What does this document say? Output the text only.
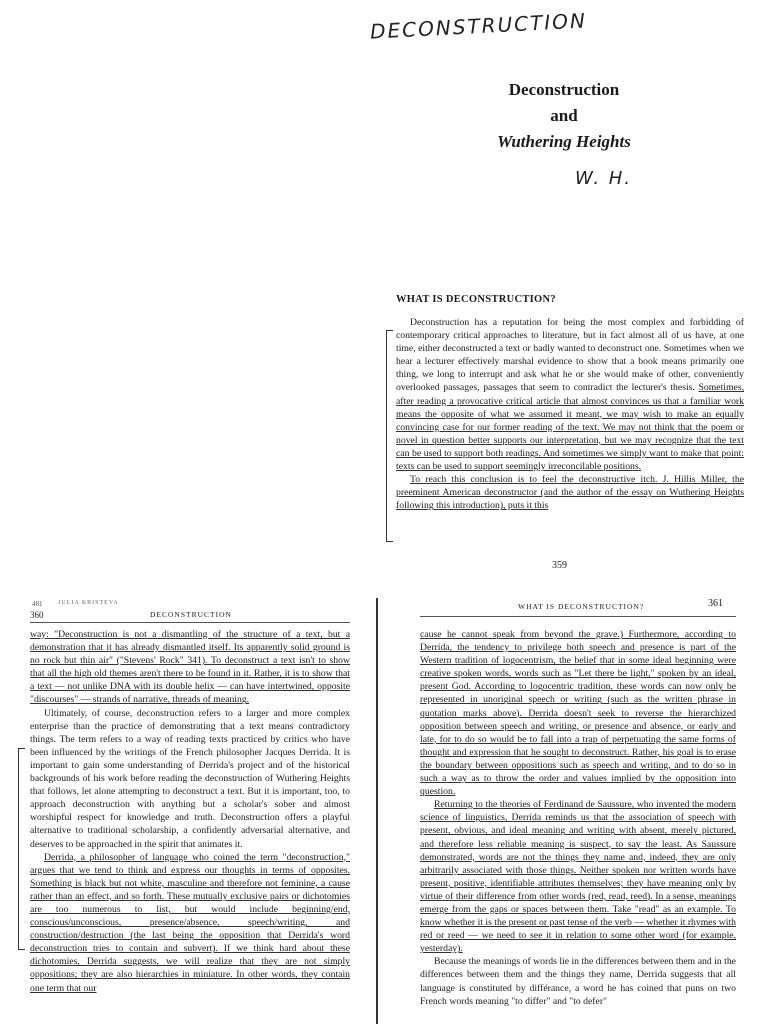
DECONSTRUCTION
Deconstruction
and
Wuthering Heights
W. H.
WHAT IS DECONSTRUCTION?

Deconstruction has a reputation for being the most complex and forbidding of contemporary critical approaches to literature, but in fact almost all of us have, at one time, either deconstructed a text or badly wanted to deconstruct one. Sometimes when we hear a lecturer effectively marshal evidence to show that a book means primarily one thing, we long to interrupt and ask what he or she would make of other, conveniently overlooked passages, passages that seem to contradict the lecturer's thesis. Sometimes, after reading a provocative critical article that almost convinces us that a familiar work means the opposite of what we assumed it meant, we may wish to make an equally convincing case for our former reading of the text. We may not think that the poem or novel in question better supports our interpretation, but we may recognize that the text can be used to support both readings. And sometimes we simply want to make that point: texts can be used to support seemingly irreconcilable positions.

To reach this conclusion is to feel the deconstructive itch. J. Hillis Miller, the preeminent American deconstructor (and the author of the essay on Wuthering Heights following this introduction), puts it this

359
481	JULIA KRISTEVA
360	DECONSTRUCTION

way: "Deconstruction is not a dismantling of the structure of a text, but a demonstration that it has already dismantled itself. Its apparently solid ground is no rock but thin air" ("Stevens' Rock" 341). To deconstruct a text isn't to show that all the high old themes aren't there to be found in it. Rather, it is to show that a text — not unlike DNA with its double helix — can have intertwined, opposite "discourses" — strands of narrative, threads of meaning.

Ultimately, of course, deconstruction refers to a larger and more complex enterprise than the practice of demonstrating that a text means contradictory things. The term refers to a way of reading texts practiced by critics who have been influenced by the writings of the French philosopher Jacques Derrida. It is important to gain some understanding of Derrida's project and of the historical backgrounds of his work before reading the deconstruction of Wuthering Heights that follows, let alone attempting to deconstruct a text. But it is important, too, to approach deconstruction with anything but a scholar's sober and almost worshipful respect for knowledge and truth. Deconstruction offers a playful alternative to traditional scholarship, a confidently adversarial alternative, and deserves to be approached in the spirit that animates it.

Derrida, a philosopher of language who coined the term "deconstruction," argues that we tend to think and express our thoughts in terms of opposites. Something is black but not white, masculine and therefore not feminine, a cause rather than an effect, and so forth. These mutually exclusive pairs or dichotomies are too numerous to list, but would include beginning/end, conscious/unconscious, presence/absence, speech/writing, and construction/destruction (the last being the opposition that Derrida's word deconstruction tries to contain and subvert). If we think hard about these dichotomies, Derrida suggests, we will realize that they are not simply oppositions; they are also hierarchies in miniature. In other words, they contain one term that our

WHAT IS DECONSTRUCTION?	361

cause he cannot speak from beyond the grave.) Furthermore, according to Derrida, the tendency to privilege both speech and presence is part of the Western tradition of logocentrism, the belief that in some ideal beginning were creative spoken words, words such as "Let there be light," spoken by an ideal, present God. According to logocentric tradition, these words can now only be represented in unoriginal speech or writing (such as the written phrase in quotation marks above). Derrida doesn't seek to reverse the hierarchized opposition between speech and writing, or presence and absence, or early and late, for to do so would be to fall into a trap of perpetuating the same forms of thought and expression that he sought to deconstruct. Rather, his goal is to erase the boundary between oppositions such as speech and writing, and to do so in such a way as to throw the order and values implied by the opposition into question.

Returning to the theories of Ferdinand de Saussure, who invented the modern science of linguistics, Derrida reminds us that the association of speech with present, obvious, and ideal meaning and writing with absent, merely pictured, and therefore less reliable meaning is suspect, to say the least. As Saussure demonstrated, words are not the things they name and, indeed, they are only arbitrarily associated with those things. Neither spoken nor written words have present, positive, identifiable attributes themselves; they have meaning only by virtue of their difference from other words (red, read, reed). In a sense, meanings emerge from the gaps or spaces between them. Take "read" as an example. To know whether it is the present or past tense of the verb — whether it rhymes with red or reed — we need to see it in relation to some other word (for example, yesterday).

Because the meanings of words lie in the differences between them and in the differences between them and the things they name, Derrida suggests that all language is constituted by différance, a word he has coined that puns on two French words meaning "to differ" and "to defer"
